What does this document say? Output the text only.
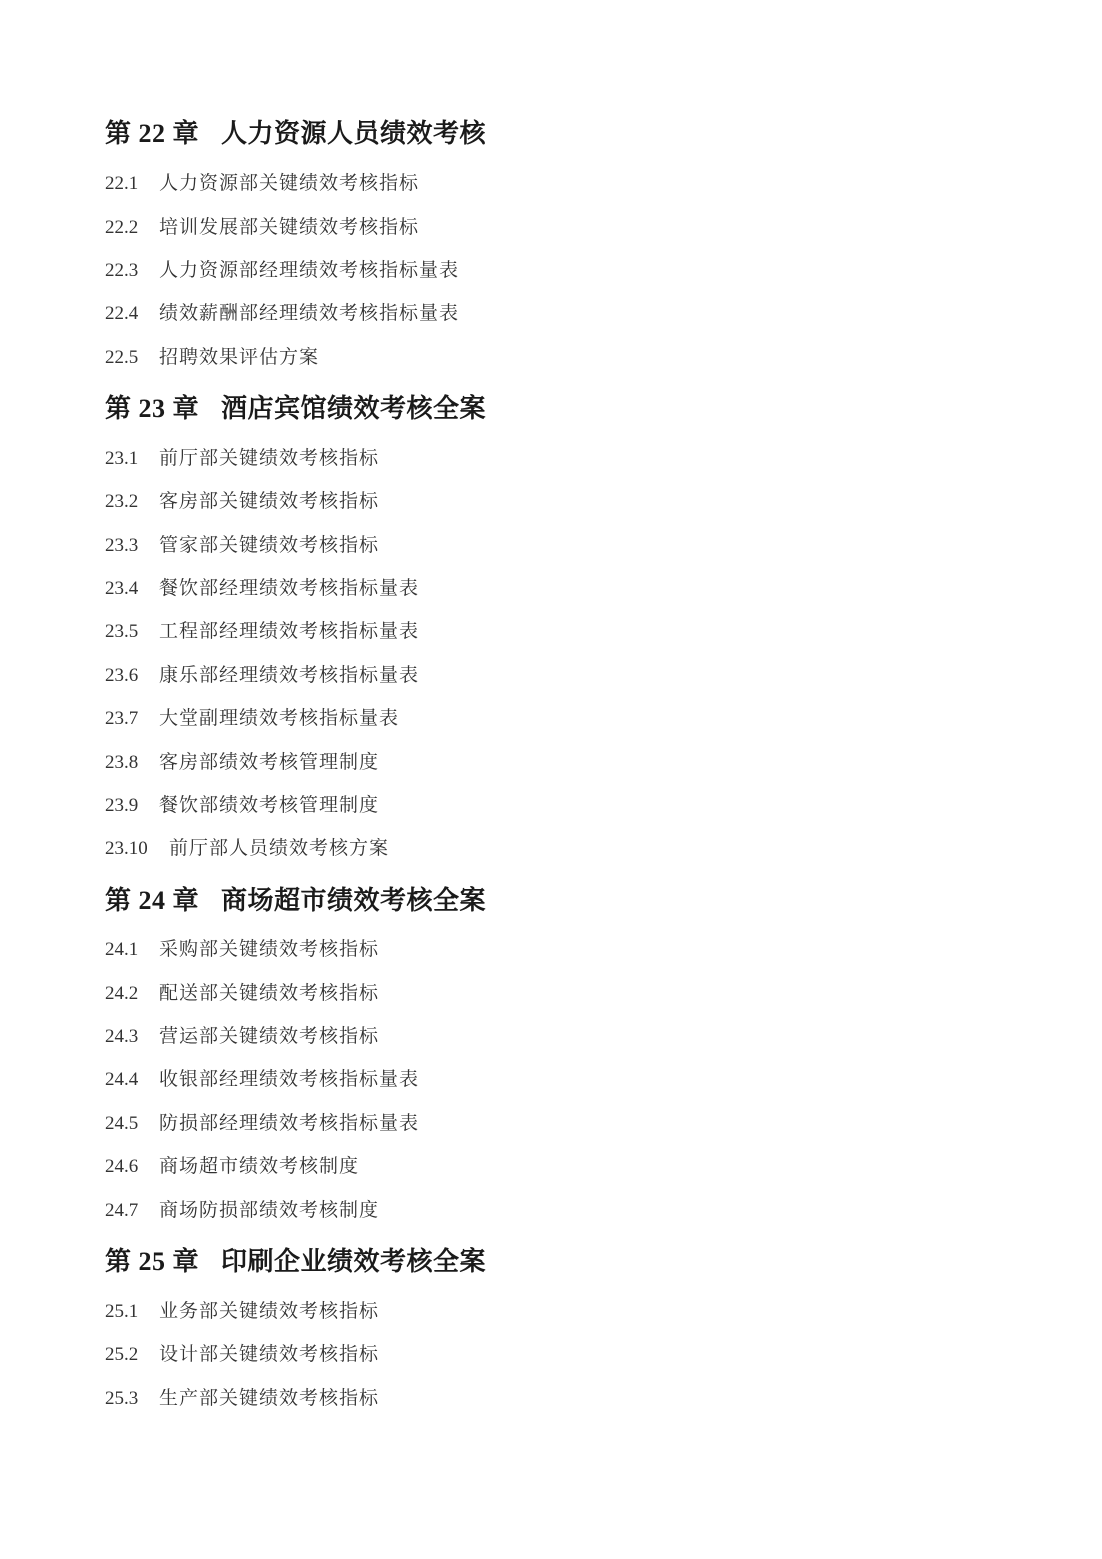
第 22 章 人力资源人员绩效考核
22.1 人力资源部关键绩效考核指标
22.2 培训发展部关键绩效考核指标
22.3 人力资源部经理绩效考核指标量表
22.4 绩效薪酬部经理绩效考核指标量表
22.5 招聘效果评估方案
第 23 章 酒店宾馆绩效考核全案
23.1 前厅部关键绩效考核指标
23.2 客房部关键绩效考核指标
23.3 管家部关键绩效考核指标
23.4 餐饮部经理绩效考核指标量表
23.5 工程部经理绩效考核指标量表
23.6 康乐部经理绩效考核指标量表
23.7 大堂副理绩效考核指标量表
23.8 客房部绩效考核管理制度
23.9 餐饮部绩效考核管理制度
23.10 前厅部人员绩效考核方案
第 24 章 商场超市绩效考核全案
24.1 采购部关键绩效考核指标
24.2 配送部关键绩效考核指标
24.3 营运部关键绩效考核指标
24.4 收银部经理绩效考核指标量表
24.5 防损部经理绩效考核指标量表
24.6 商场超市绩效考核制度
24.7 商场防损部绩效考核制度
第 25 章 印刷企业绩效考核全案
25.1 业务部关键绩效考核指标
25.2 设计部关键绩效考核指标
25.3 生产部关键绩效考核指标
